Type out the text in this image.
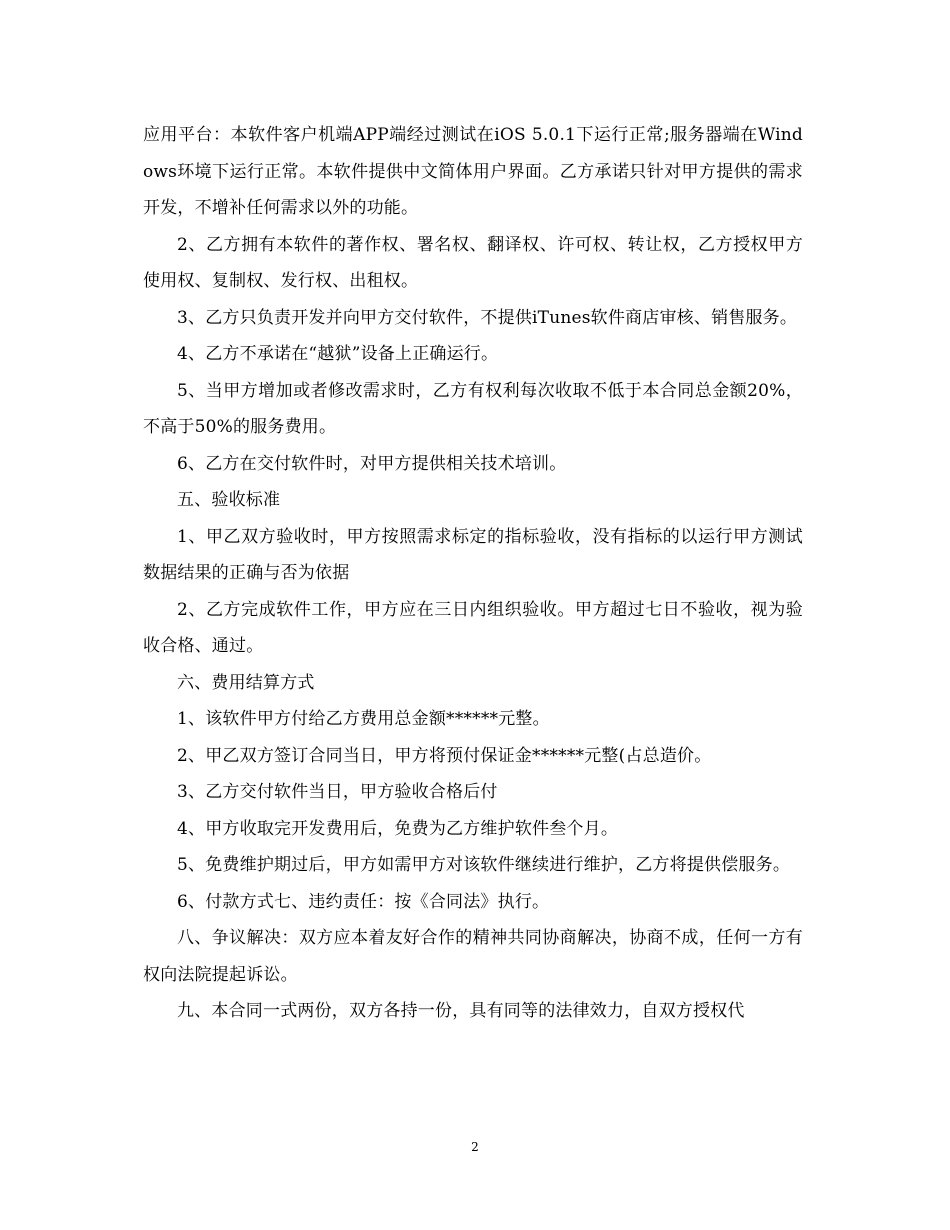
应用平台：本软件客户机端APP端经过测试在iOS 5.0.1下运行正常;服务器端在Windows环境下运行正常。本软件提供中文简体用户界面。乙方承诺只针对甲方提供的需求开发，不增补任何需求以外的功能。

2、乙方拥有本软件的著作权、署名权、翻译权、许可权、转让权，乙方授权甲方使用权、复制权、发行权、出租权。

3、乙方只负责开发并向甲方交付软件，不提供iTunes软件商店审核、销售服务。

4、乙方不承诺在“越狱”设备上正确运行。

5、当甲方增加或者修改需求时，乙方有权利每次收取不低于本合同总金额20%，不高于50%的服务费用。

6、乙方在交付软件时，对甲方提供相关技术培训。

五、验收标准

1、甲乙双方验收时，甲方按照需求标定的指标验收，没有指标的以运行甲方测试数据结果的正确与否为依据

2、乙方完成软件工作，甲方应在三日内组织验收。甲方超过七日不验收，视为验收合格、通过。

六、费用结算方式

1、该软件甲方付给乙方费用总金额******元整。

2、甲乙双方签订合同当日，甲方将预付保证金******元整(占总造价。

3、乙方交付软件当日，甲方验收合格后付

4、甲方收取完开发费用后，免费为乙方维护软件叁个月。

5、免费维护期过后，甲方如需甲方对该软件继续进行维护，乙方将提供偿服务。

6、付款方式七、违约责任：按《合同法》执行。

八、争议解决：双方应本着友好合作的精神共同协商解决，协商不成，任何一方有权向法院提起诉讼。

九、本合同一式两份，双方各持一份，具有同等的法律效力，自双方授权代

2
